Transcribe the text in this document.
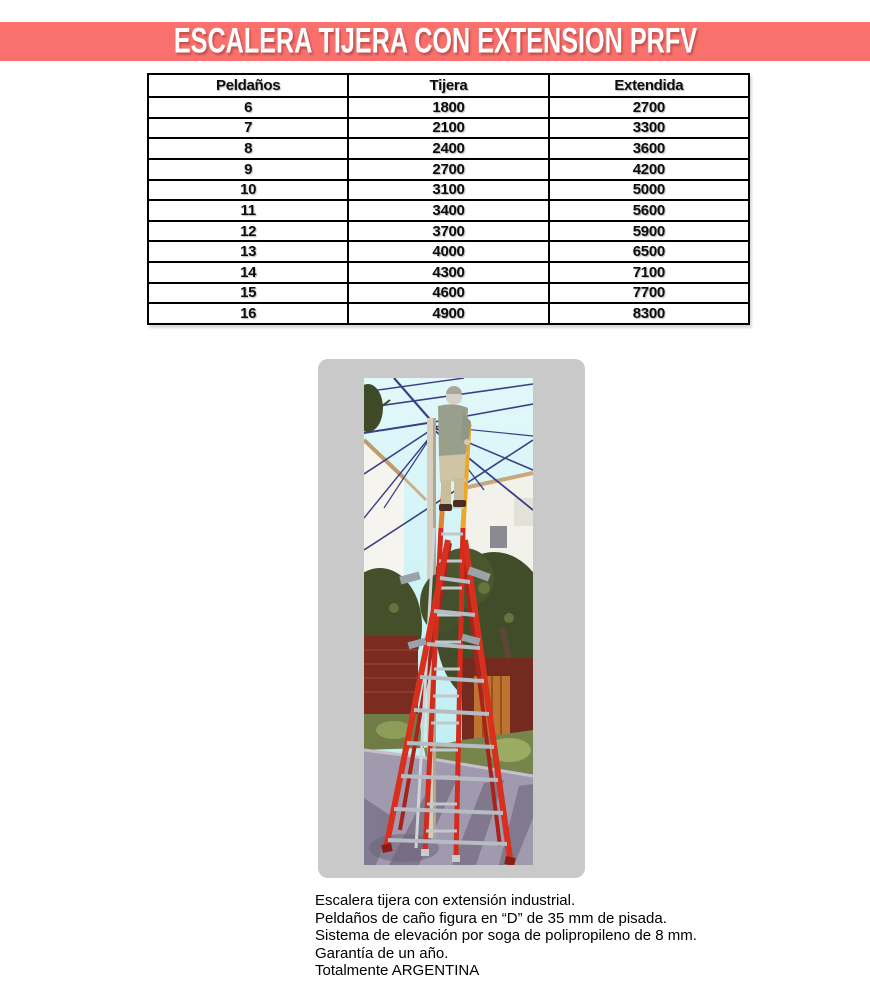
ESCALERA TIJERA CON EXTENSION PRFV
Peldaños	Tijera	Extendida
6	1800	2700
7	2100	3300
8	2400	3600
9	2700	4200
10	3100	5000
11	3400	5600
12	3700	5900
13	4000	6500
14	4300	7100
15	4600	7700
16	4900	8300
Escalera tijera con extensión industrial.
Peldaños de caño figura en “D” de 35 mm de pisada.
Sistema de elevación por soga de polipropileno de 8 mm.
Garantía de un año.
Totalmente ARGENTINA
